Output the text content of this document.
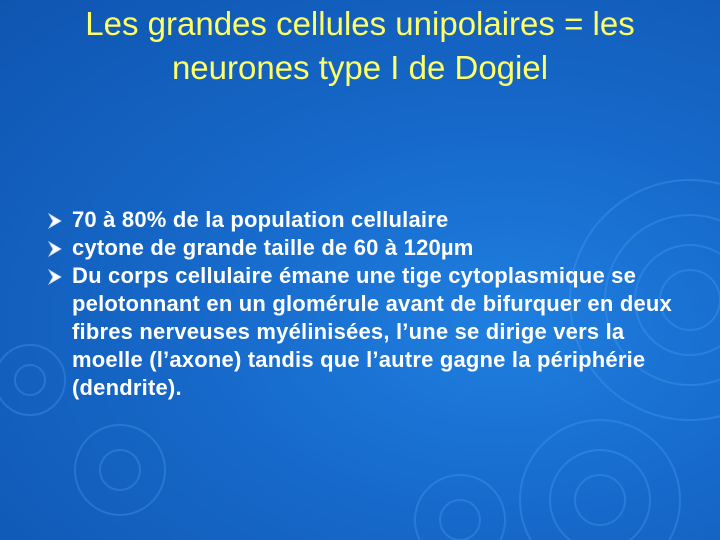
Les grandes cellules unipolaires = les neurones type I de Dogiel
70 à 80% de la population cellulaire
cytone de grande taille de 60 à 120µm
Du corps cellulaire émane une tige cytoplasmique se pelotonnant en un glomérule avant de bifurquer en deux fibres nerveuses myélinisées, l’une se dirige vers la moelle (l’axone) tandis que l’autre gagne la périphérie (dendrite).
